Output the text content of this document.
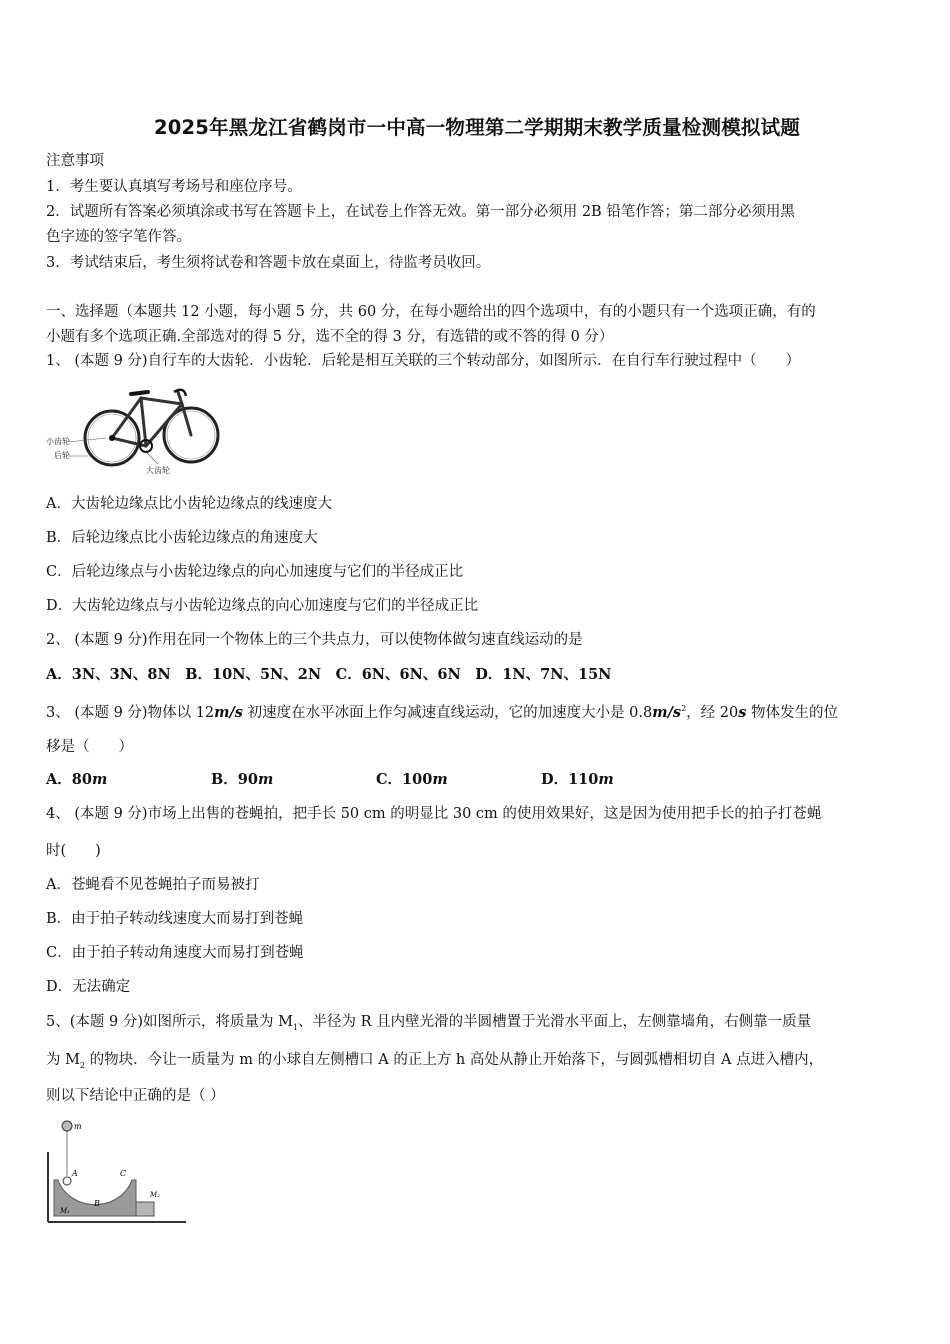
2025年黑龙江省鹤岗市一中高一物理第二学期期末教学质量检测模拟试题
注意事项
1．考生要认真填写考场号和座位序号。
2．试题所有答案必须填涂或书写在答题卡上，在试卷上作答无效。第一部分必须用 2B 铅笔作答；第二部分必须用黑
色字迹的签字笔作答。
3．考试结束后，考生须将试卷和答题卡放在桌面上，待监考员收回。
一、选择题（本题共 12 小题，每小题 5 分，共 60 分，在每小题给出的四个选项中，有的小题只有一个选项正确，有的
小题有多个选项正确.全部选对的得 5 分，选不全的得 3 分，有选错的或不答的得 0 分）
1、 (本题 9 分)自行车的大齿轮．小齿轮．后轮是相互关联的三个转动部分，如图所示．在自行车行驶过程中（　　）
小齿轮
后轮
大齿轮
A．大齿轮边缘点比小齿轮边缘点的线速度大
B．后轮边缘点比小齿轮边缘点的角速度大
C．后轮边缘点与小齿轮边缘点的向心加速度与它们的半径成正比
D．大齿轮边缘点与小齿轮边缘点的向心加速度与它们的半径成正比
2、 (本题 9 分)作用在同一个物体上的三个共点力，可以使物体做匀速直线运动的是
A．3N、3N、8N　B．10N、5N、2N　C．6N、6N、6N　D．1N、7N、15N
3、 (本题 9 分)物体以 12m/s 初速度在水平冰面上作匀减速直线运动，它的加速度大小是 $0.8m/s^2$，经 20s 物体发生的位
移是（　　）
A．80m	B．90m	C．100m	D．110m
4、 (本题 9 分)市场上出售的苍蝇拍，把手长 50 cm 的明显比 30 cm 的使用效果好，这是因为使用把手长的拍子打苍蝇
时(　　)
A．苍蝇看不见苍蝇拍子而易被打
B．由于拍子转动线速度大而易打到苍蝇
C．由于拍子转动角速度大而易打到苍蝇
D．无法确定
5、(本题 9 分)如图所示，将质量为 $M_1$、半径为 R 且内壁光滑的半圆槽置于光滑水平面上，左侧靠墙角，右侧靠一质量
为 $M_2$ 的物块．今让一质量为 m 的小球自左侧槽口 A 的正上方 h 高处从静止开始落下，与圆弧槽相切自 A 点进入槽内，
则以下结论中正确的是（ ）
m
A	C
B
M₂
M₁
